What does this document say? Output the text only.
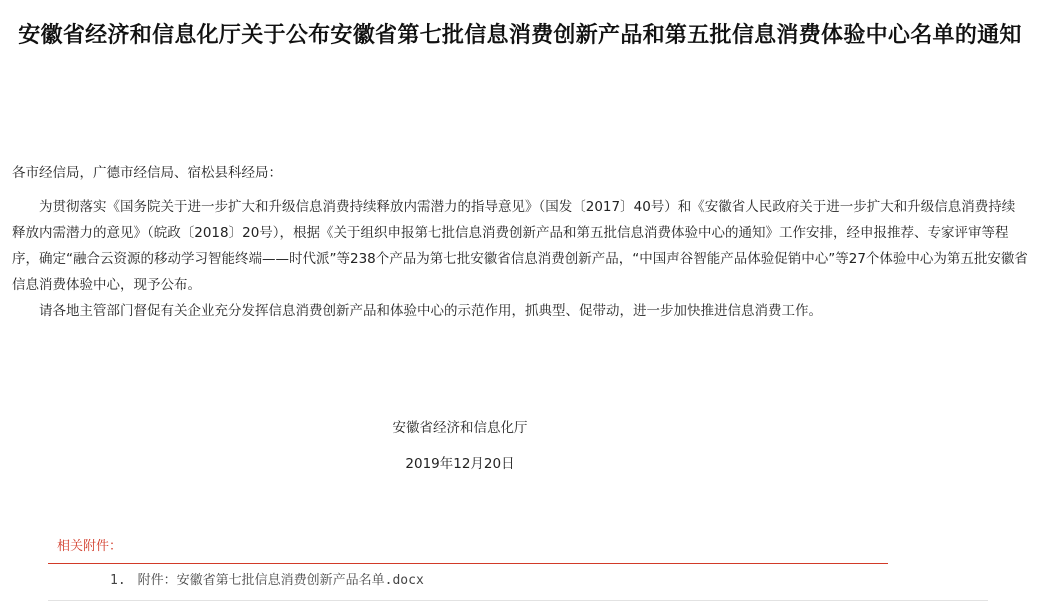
安徽省经济和信息化厅关于公布安徽省第七批信息消费创新产品和第五批信息消费体验中心名单的通知
各市经信局，广德市经信局、宿松县科经局：

为贯彻落实《国务院关于进一步扩大和升级信息消费持续释放内需潜力的指导意见》（国发〔2017〕40号）和《安徽省人民政府关于进一步扩大和升级信息消费持续释放内需潜力的意见》（皖政〔2018〕20号），根据《关于组织申报第七批信息消费创新产品和第五批信息消费体验中心的通知》工作安排，经申报推荐、专家评审等程序，确定“融合云资源的移动学习智能终端——时代派”等238个产品为第七批安徽省信息消费创新产品，“中国声谷智能产品体验促销中心”等27个体验中心为第五批安徽省信息消费体验中心，现予公布。

请各地主管部门督促有关企业充分发挥信息消费创新产品和体验中心的示范作用，抓典型、促带动，进一步加快推进信息消费工作。

安徽省经济和信息化厅
2019年12月20日
相关附件：
1. 附件：安徽省第七批信息消费创新产品名单.docx
